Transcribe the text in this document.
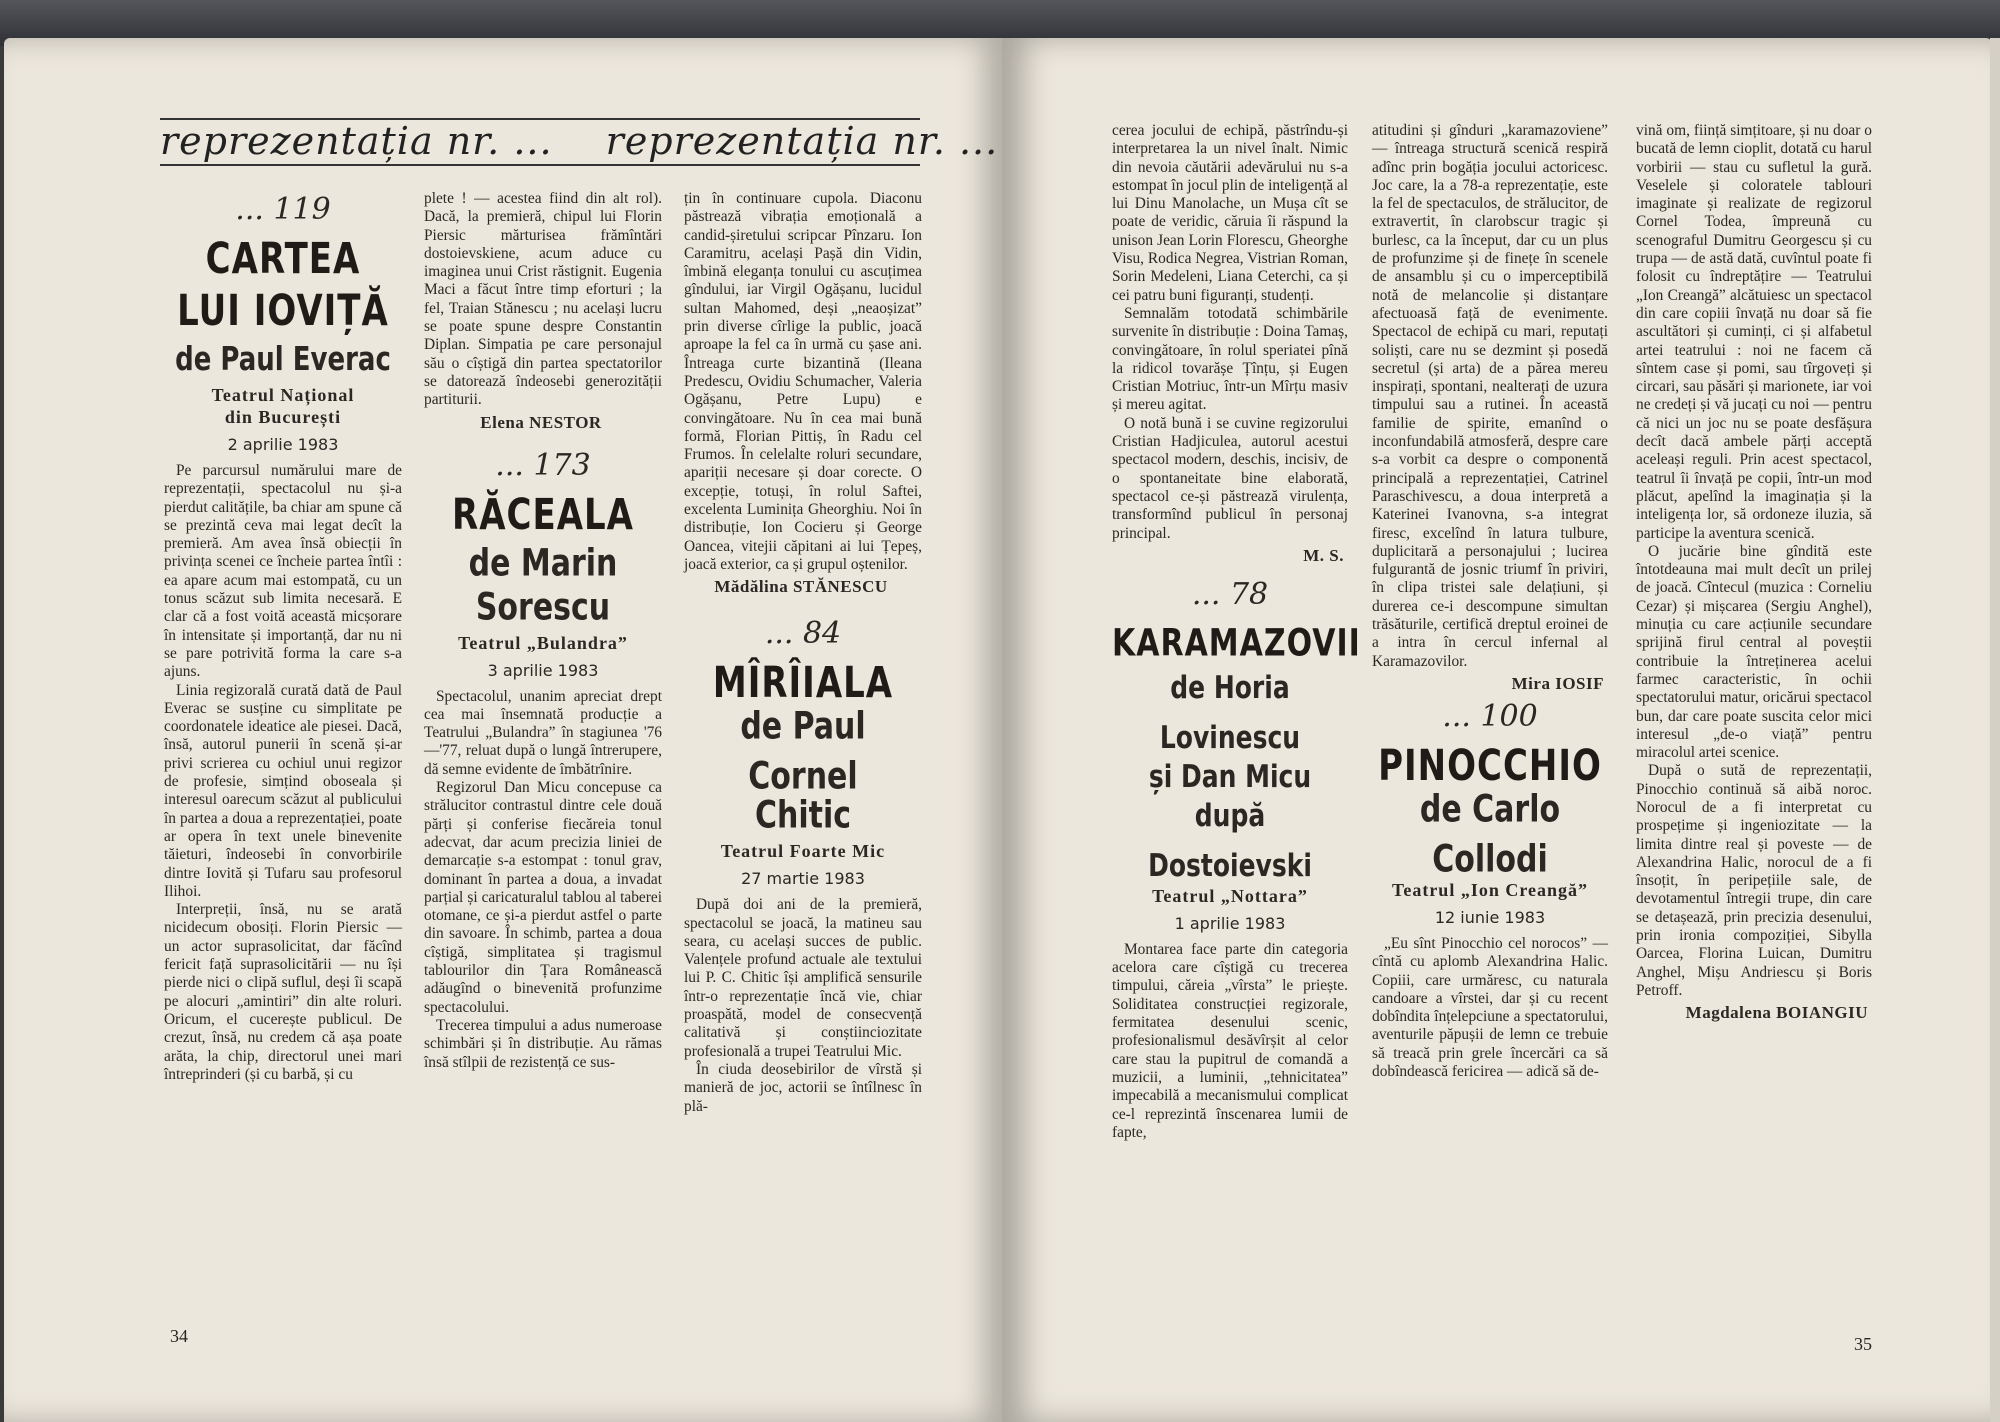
reprezentația nr. ... reprezentația nr. ...
... 119
CARTEA
LUI IOVIȚĂ
de Paul Everac
Teatrul Național
din București
2 aprilie 1983

Pe parcursul numărului mare de reprezentații, spectacolul nu și-a pierdut calitățile, ba chiar am spune că se prezintă ceva mai legat decît la premieră. Am avea însă obiecții în privința scenei ce încheie partea întîi : ea apare acum mai estompată, cu un tonus scăzut sub limita necesară. E clar că a fost voită această micșorare în intensitate și importanță, dar nu ni se pare potrivită forma la care s-a ajuns.

Linia regizorală curată dată de Paul Everac se susține cu simplitate pe coordonatele ideatice ale piesei. Dacă, însă, autorul punerii în scenă și-ar privi scrierea cu ochiul unui regizor de profesie, simțind oboseala și interesul oarecum scăzut al publicului în partea a doua a reprezentației, poate ar opera în text unele binevenite tăieturi, îndeosebi în convorbirile dintre Iovită și Tufaru sau profesorul Ilihoi.

Interpreții, însă, nu se arată nicidecum obosiți. Florin Piersic — un actor suprasolicitat, dar făcînd fericit față suprasolicitării — nu își pierde nici o clipă suflul, deși îi scapă pe alocuri „amintiri” din alte roluri. Oricum, el cucerește publicul. De crezut, însă, nu credem că așa poate arăta, la chip, directorul unei mari întreprinderi (și cu barbă, și cu

plete ! — acestea fiind din alt rol). Dacă, la premieră, chipul lui Florin Piersic mărturisea frămîntări dostoievskiene, acum aduce cu imaginea unui Crist răstignit. Eugenia Maci a făcut între timp eforturi ; la fel, Traian Stănescu ; nu același lucru se poate spune despre Constantin Diplan. Simpatia pe care personajul său o cîștigă din partea spectatorilor se datorează îndeosebi generozității partiturii.

Elena NESTOR
... 173
RĂCEALA
de Marin
Sorescu
Teatrul „Bulandra”
3 aprilie 1983

Spectacolul, unanim apreciat drept cea mai însemnată producție a Teatrului „Bulandra” în stagiunea '76—'77, reluat după o lungă întrerupere, dă semne evidente de îmbătrînire.

Regizorul Dan Micu concepuse ca strălucitor contrastul dintre cele două părți și conferise fiecăreia tonul adecvat, dar acum precizia liniei de demarcație s-a estompat : tonul grav, dominant în partea a doua, a invadat parțial și caricaturalul tablou al taberei otomane, ce și-a pierdut astfel o parte din savoare. În schimb, partea a doua cîștigă, simplitatea și tragismul tablourilor din Țara Românească adăugînd o binevenită profunzime spectacolului.

Trecerea timpului a adus numeroase schimbări și în distribuție. Au rămas însă stîlpii de rezistență ce sus-

țin în continuare cupola. Diaconu păstrează vibrația emoțională a candid-șiretului scripcar Pînzaru. Ion Caramitru, același Pașă din Vidin, îmbină eleganța tonului cu ascuțimea gîndului, iar Virgil Ogășanu, lucidul sultan Mahomed, deși „neaoșizat” prin diverse cîrlige la public, joacă aproape la fel ca în urmă cu șase ani. Întreaga curte bizantină (Ileana Predescu, Ovidiu Schumacher, Valeria Ogășanu, Petre Lupu) e convingătoare. Nu în cea mai bună formă, Florian Pittiș, în Radu cel Frumos. În celelalte roluri secundare, apariții necesare și doar corecte. O excepție, totuși, în rolul Saftei, excelenta Luminița Gheorghiu. Noi în distribuție, Ion Cocieru și George Oancea, vitejii căpitani ai lui Țepeș, joacă exterior, ca și grupul oștenilor.

Mădălina STĂNESCU
... 84
MÎRÎIALA
de Paul Cornel
Chitic
Teatrul Foarte Mic
27 martie 1983

După doi ani de la premieră, spectacolul se joacă, la matineu sau seara, cu același succes de public. Valențele profund actuale ale textului lui P. C. Chitic își amplifică sensurile într-o reprezentație încă vie, chiar proaspătă, model de consecvență calitativă și conștiinciozitate profesională a trupei Teatrului Mic.

În ciuda deosebirilor de vîrstă și manieră de joc, actorii se întîlnesc în plă-

34

cerea jocului de echipă, păstrîndu-și interpretarea la un nivel înalt. Nimic din nevoia căutării adevărului nu s-a estompat în jocul plin de inteligență al lui Dinu Manolache, un Mușa cît se poate de veridic, căruia îi răspund la unison Jean Lorin Florescu, Gheorghe Visu, Rodica Negrea, Vistrian Roman, Sorin Medeleni, Liana Ceterchi, ca și cei patru buni figuranți, studenți.

Semnalăm totodată schimbările survenite în distribuție : Doina Tamaș, convingătoare, în rolul speriatei pînă la ridicol tovarășe Țînțu, și Eugen Cristian Motriuc, într-un Mîrțu masiv și mereu agitat.

O notă bună i se cuvine regizorului Cristian Hadjiculea, autorul acestui spectacol modern, deschis, incisiv, de o spontaneitate bine elaborată, spectacol ce-și păstrează virulența, transformînd publicul în personaj principal.

M. S.
... 78
KARAMAZOVII
de Horia Lovinescu
și Dan Micu
după Dostoievski
Teatrul „Nottara”
1 aprilie 1983

Montarea face parte din categoria acelora care cîștigă cu trecerea timpului, căreia „vîrsta” le priește. Soliditatea construcției regizorale, fermitatea desenului scenic, profesionalismul desăvîrșit al celor care stau la pupitrul de comandă a muzicii, a luminii, „tehnicitatea” impecabilă a mecanismului complicat ce-l reprezintă înscenarea lumii de fapte,

atitudini și gînduri „karamazoviene” — întreaga structură scenică respiră adînc prin bogăția jocului actoricesc. Joc care, la a 78-a reprezentație, este la fel de spectaculos, de strălucitor, de extravertit, în clarobscur tragic și burlesc, ca la început, dar cu un plus de profunzime și de finețe în scenele de ansamblu și cu o imperceptibilă notă de melancolie și distanțare afectuoasă față de evenimente. Spectacol de echipă cu mari, reputați soliști, care nu se dezmint și posedă secretul (și arta) de a părea mereu inspirați, spontani, nealterați de uzura timpului sau a rutinei. În această familie de spirite, emanînd o inconfundabilă atmosferă, despre care s-a vorbit ca despre o componentă principală a reprezentației, Catrinel Paraschivescu, a doua interpretă a Katerinei Ivanovna, s-a integrat firesc, excelînd în latura tulbure, duplicitară a personajului ; lucirea fulgurantă de josnic triumf în priviri, în clipa tristei sale delațiuni, și durerea ce-i descompune simultan trăsăturile, certifică dreptul eroinei de a intra în cercul infernal al Karamazovilor.

Mira IOSIF
... 100
PINOCCHIO
de Carlo Collodi
Teatrul „Ion Creangă”
12 iunie 1983

„Eu sînt Pinocchio cel norocos” — cîntă cu aplomb Alexandrina Halic. Copiii, care urmăresc, cu naturala candoare a vîrstei, dar și cu recent dobîndita înțelepciune a spectatorului, aventurile păpușii de lemn ce trebuie să treacă prin grele încercări ca să dobîndească fericirea — adică să de-

vină om, ființă simțitoare, și nu doar o bucată de lemn cioplit, dotată cu harul vorbirii — stau cu sufletul la gură. Veselele și coloratele tablouri imaginate și realizate de regizorul Cornel Todea, împreună cu scenograful Dumitru Georgescu și cu trupa — de astă dată, cuvîntul poate fi folosit cu îndreptățire — Teatrului „Ion Creangă” alcătuiesc un spectacol din care copiii învață nu doar să fie ascultători și cuminți, ci și alfabetul artei teatrului : noi ne facem că sîntem case și pomi, sau tîrgoveți și circari, sau păsări și marionete, iar voi ne credeți și vă jucați cu noi — pentru că nici un joc nu se poate desfășura decît dacă ambele părți acceptă aceleași reguli. Prin acest spectacol, teatrul îi învață pe copii, într-un mod plăcut, apelînd la imaginația și la inteligența lor, să ordoneze iluzia, să participe la aventura scenică.

O jucărie bine gîndită este întotdeauna mai mult decît un prilej de joacă. Cîntecul (muzica : Corneliu Cezar) și mișcarea (Sergiu Anghel), minuția cu care acțiunile secundare sprijină firul central al poveștii contribuie la întreținerea acelui farmec caracteristic, în ochii spectatorului matur, oricărui spectacol bun, dar care poate suscita celor mici interesul „de-o viață” pentru miracolul artei scenice.

După o sută de reprezentații, Pinocchio continuă să aibă noroc. Norocul de a fi interpretat cu prospețime și ingeniozitate — la limita dintre real și poveste — de Alexandrina Halic, norocul de a fi însoțit, în peripețiile sale, de devotamentul întregii trupe, din care se detașează, prin precizia desenului, prin ironia compoziției, Sibylla Oarcea, Florina Luican, Dumitru Anghel, Mișu Andriescu și Boris Petroff.

Magdalena BOIANGIU
35
